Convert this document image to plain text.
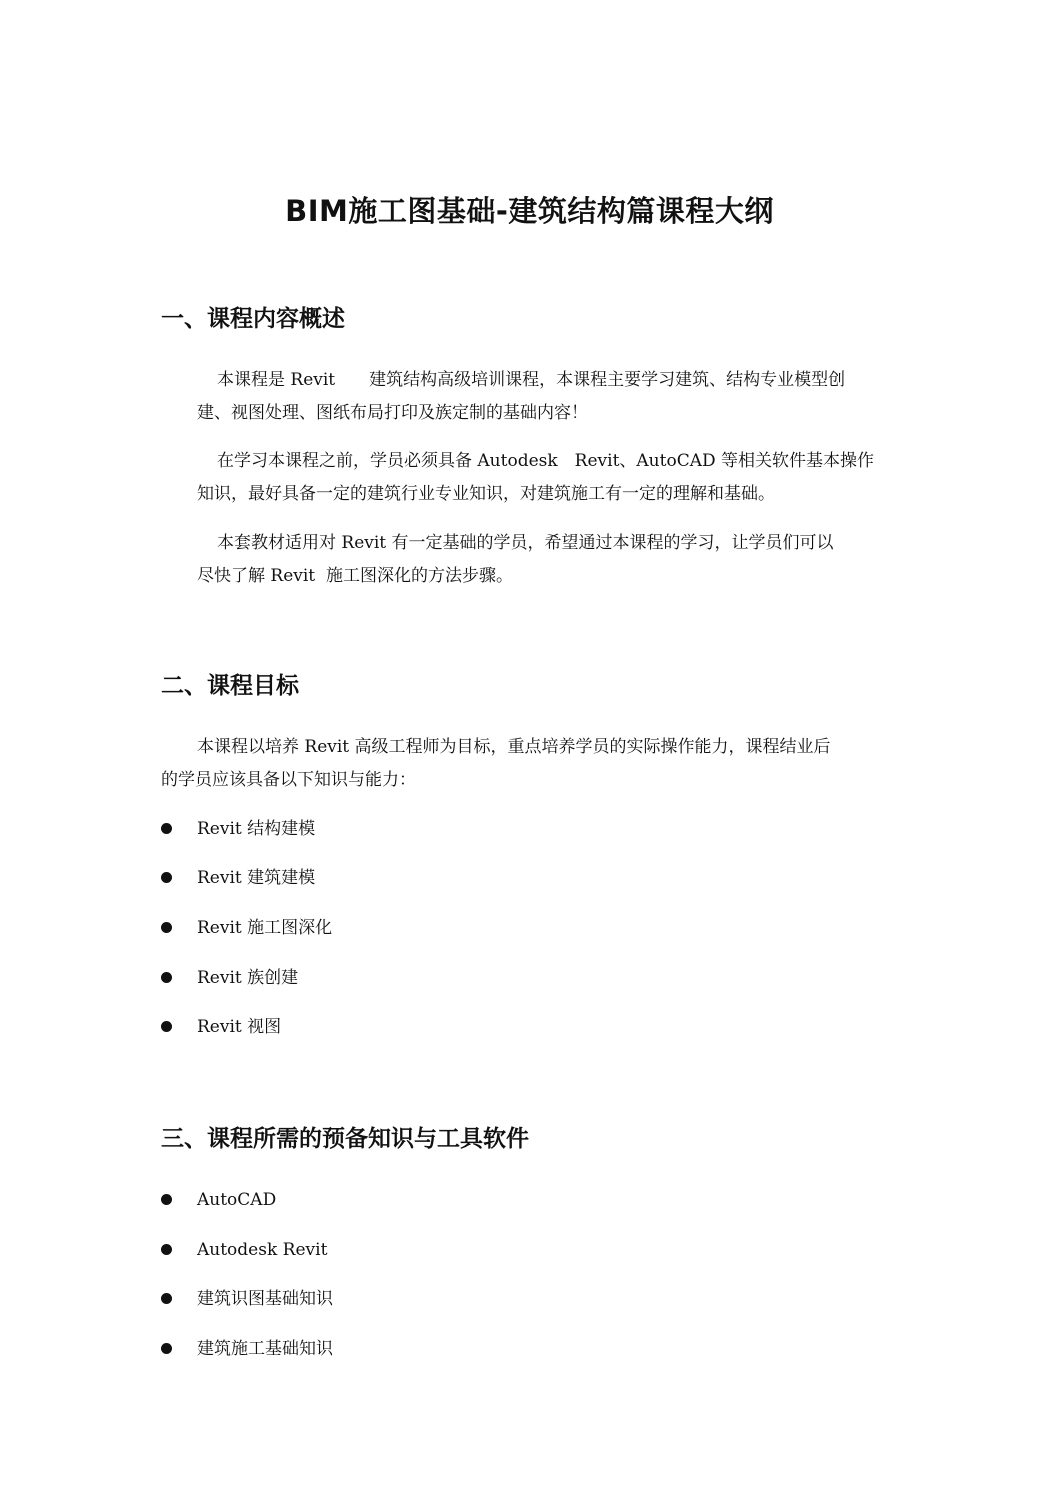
BIM施工图基础-建筑结构篇课程大纲
一、课程内容概述

本课程是 Revit　　建筑结构高级培训课程，本课程主要学习建筑、结构专业模型创
建、视图处理、图纸布局打印及族定制的基础内容！

在学习本课程之前，学员必须具备 Autodesk　Revit、AutoCAD 等相关软件基本操作
知识，最好具备一定的建筑行业专业知识，对建筑施工有一定的理解和基础。

本套教材适用对 Revit 有一定基础的学员，希望通过本课程的学习，让学员们可以
尽快了解 Revit  施工图深化的方法步骤。

二、课程目标

本课程以培养 Revit 高级工程师为目标，重点培养学员的实际操作能力，课程结业后
的学员应该具备以下知识与能力：

Revit 结构建模
Revit 建筑建模
Revit 施工图深化
Revit 族创建
Revit 视图
三、课程所需的预备知识与工具软件
AutoCAD
Autodesk Revit
建筑识图基础知识
建筑施工基础知识
